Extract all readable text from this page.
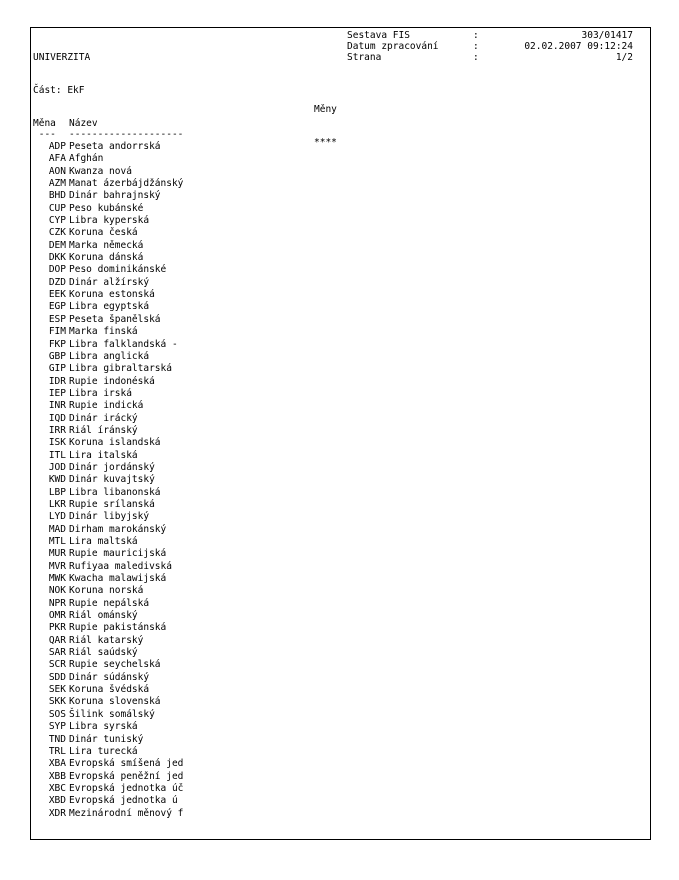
UNIVERZITA

Část: EkF

Sestava FIS	:	303/01417
Datum zpracování	:	02.02.2007 09:12:24
Strana	:	1/2

Měny

****

Měna Název
--- --------------------
ADP Peseta andorrská
AFA Afghán
AON Kwanza nová
AZM Manat ázerbájdžánský
BHD Dinár bahrajnský
CUP Peso kubánské
CYP Libra kyperská
CZK Koruna česká
DEM Marka německá
DKK Koruna dánská
DOP Peso dominikánské
DZD Dinár alžírský
EEK Koruna estonská
EGP Libra egyptská
ESP Peseta španělská
FIM Marka finská
FKP Libra falklandská -
GBP Libra anglická
GIP Libra gibraltarská
IDR Rupie indonéská
IEP Libra irská
INR Rupie indická
IQD Dinár irácký
IRR Riál íránský
ISK Koruna islandská
ITL Lira italská
JOD Dinár jordánský
KWD Dinár kuvajtský
LBP Libra libanonská
LKR Rupie srílanská
LYD Dinár libyjský
MAD Dirham marokánský
MTL Lira maltská
MUR Rupie mauricijská
MVR Rufiyaa maledivská
MWK Kwacha malawijská
NOK Koruna norská
NPR Rupie nepálská
OMR Riál ománský
PKR Rupie pakistánská
QAR Riál katarský
SAR Riál saúdský
SCR Rupie seychelská
SDD Dinár súdánský
SEK Koruna švédská
SKK Koruna slovenská
SOS Šilink somálský
SYP Libra syrská
TND Dinár tuniský
TRL Lira turecká
XBA Evropská smíšená jed
XBB Evropská peněžní jed
XBC Evropská jednotka úč
XBD Evropská jednotka ú
XDR Mezinárodní měnový f
